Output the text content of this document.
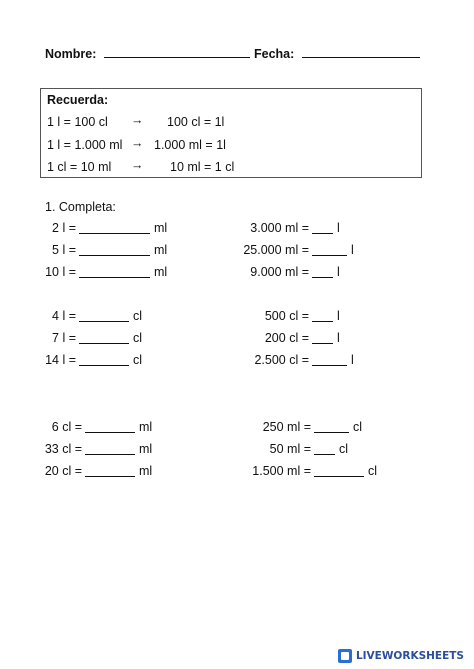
Nombre:	Fecha:
Recuerda:
1 l = 100 cl → 100 cl = 1l
1 l = 1.000 ml → 1.000 ml = 1l
1 cl = 10 ml → 10 ml = 1 cl
1. Completa:
2 l =	ml	3.000 ml = l
5 l =	ml	25.000 ml =	l
10 l =	ml	9.000 ml = l
4 l =	cl	500 cl = l
7 l =	cl	200 cl = l
14 l =	cl	2.500 cl =	l
6 cl =	ml	250 ml =	cl
33 cl =	ml	50 ml = cl
20 cl =	ml	1.500 ml =	cl
LIVEWORKSHEETS
